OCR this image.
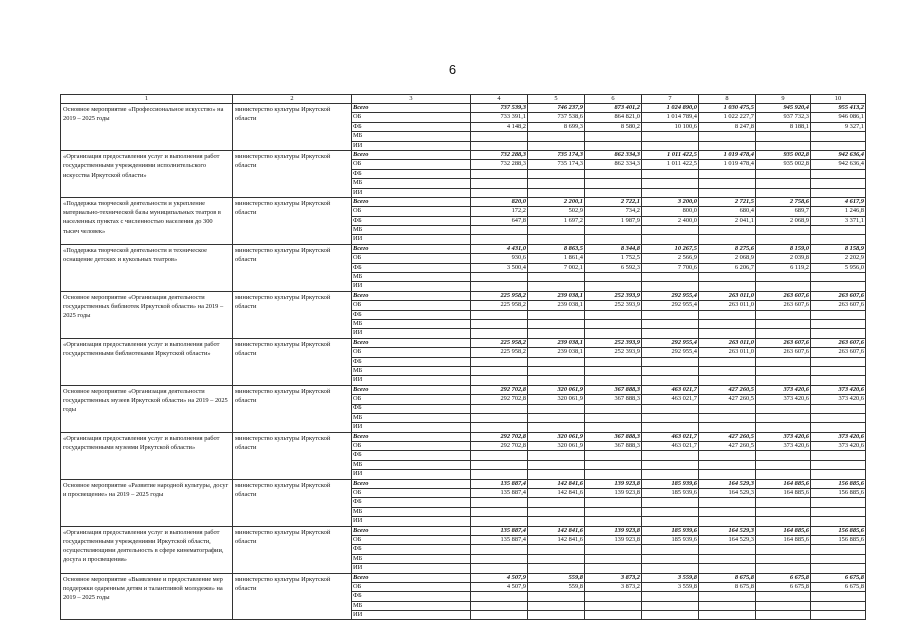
6
1	2	3	4	5	6	7	8	9	10
Основное мероприятие «Профессиональное искусство» на 2019 – 2025 годы	министерство культуры Иркутской области	Всего	737 539,3	746 237,9	873 401,2	1 024 890,0	1 030 475,5	945 920,4	955 413,2
		ОБ	733 391,1	737 538,6	864 821,0	1 014 789,4	1 022 227,7	937 732,3	946 086,1
		ФБ	4 148,2	8 699,3	8 580,2	10 100,6	8 247,8	8 188,1	9 327,1
		МБ							
		ИИ							
«Организация предоставления услуг и выполнения работ государственными учреждениями исполнительского искусства Иркутской области»	министерство культуры Иркутской области	Всего	732 288,3	735 174,3	862 334,3	1 011 422,5	1 019 478,4	935 002,8	942 636,4
		ОБ	732 288,3	735 174,3	862 334,3	1 011 422,5	1 019 478,4	935 002,8	942 636,4
		ФБ							
		МБ							
		ИИ							
«Поддержка творческой деятельности и укрепление материально-технической базы муниципальных театров в населенных пунктах с численностью населения до 300 тысяч человек»	министерство культуры Иркутской области	Всего	820,0	2 200,1	2 722,1	3 200,0	2 721,5	2 758,6	4 617,9
		ОБ	172,2	502,9	734,2	800,0	680,4	689,7	1 246,8
		ФБ	647,8	1 697,2	1 987,9	2 400,0	2 041,1	2 068,9	3 371,1
		МБ							
		ИИ							
«Поддержка творческой деятельности и техническое оснащение детских и кукольных театров»	министерство культуры Иркутской области	Всего	4 431,0	8 863,5	8 344,8	10 267,5	8 275,6	8 159,0	8 158,9
		ОБ	930,6	1 861,4	1 752,5	2 566,9	2 068,9	2 039,8	2 202,9
		ФБ	3 500,4	7 002,1	6 592,3	7 700,6	6 206,7	6 119,2	5 956,0
		МБ							
		ИИ							
Основное мероприятие «Организация деятельности государственных библиотек Иркутской области» на 2019 – 2025 годы	министерство культуры Иркутской области	Всего	225 958,2	239 038,1	252 393,9	292 955,4	263 011,0	263 607,6	263 607,6
		ОБ	225 958,2	239 038,1	252 393,9	292 955,4	263 011,0	263 607,6	263 607,6
		ФБ							
		МБ							
		ИИ							
«Организация предоставления услуг и выполнения работ государственными библиотеками Иркутской области»	министерство культуры Иркутской области	Всего	225 958,2	239 038,1	252 393,9	292 955,4	263 011,0	263 607,6	263 607,6
		ОБ	225 958,2	239 038,1	252 393,9	292 955,4	263 011,0	263 607,6	263 607,6
		ФБ							
		МБ							
		ИИ							
Основное мероприятие «Организация деятельности государственных музеев Иркутской области» на 2019 – 2025 годы	министерство культуры Иркутской области	Всего	292 702,8	320 061,9	367 888,3	463 021,7	427 260,5	373 420,6	373 420,6
		ОБ	292 702,8	320 061,9	367 888,3	463 021,7	427 260,5	373 420,6	373 420,6
		ФБ							
		МБ							
		ИИ							
«Организация предоставления услуг и выполнения работ государственными музеями Иркутской области»	министерство культуры Иркутской области	Всего	292 702,8	320 061,9	367 888,3	463 021,7	427 260,5	373 420,6	373 420,6
		ОБ	292 702,8	320 061,9	367 888,3	463 021,7	427 260,5	373 420,6	373 420,6
		ФБ							
		МБ							
		ИИ							
Основное мероприятие «Развитие народной культуры, досуг и просвещение» на 2019 – 2025 годы	министерство культуры Иркутской области	Всего	135 887,4	142 841,6	139 923,8	185 939,6	164 529,3	164 885,6	156 885,6
		ОБ	135 887,4	142 841,6	139 923,8	185 939,6	164 529,3	164 885,6	156 885,6
		ФБ							
		МБ							
		ИИ							
«Организация предоставления услуг и выполнения работ государственными учреждениями Иркутской области, осуществляющими деятельность в сфере кинематографии, досуга и просвещения»	министерство культуры Иркутской области	Всего	135 887,4	142 841,6	139 923,8	185 939,6	164 529,3	164 885,6	156 885,6
		ОБ	135 887,4	142 841,6	139 923,8	185 939,6	164 529,3	164 885,6	156 885,6
		ФБ							
		МБ							
		ИИ							
Основное мероприятие «Выявление и предоставление мер поддержки одаренным детям и талантливой молодежи» на 2019 – 2025 годы	министерство культуры Иркутской области	Всего	4 507,9	559,8	3 873,2	3 559,8	8 675,8	6 675,8	6 675,8
		ОБ	4 507,9	559,8	3 873,2	3 559,8	8 675,8	6 675,8	6 675,8
		ФБ							
		МБ							
		ИИ							
